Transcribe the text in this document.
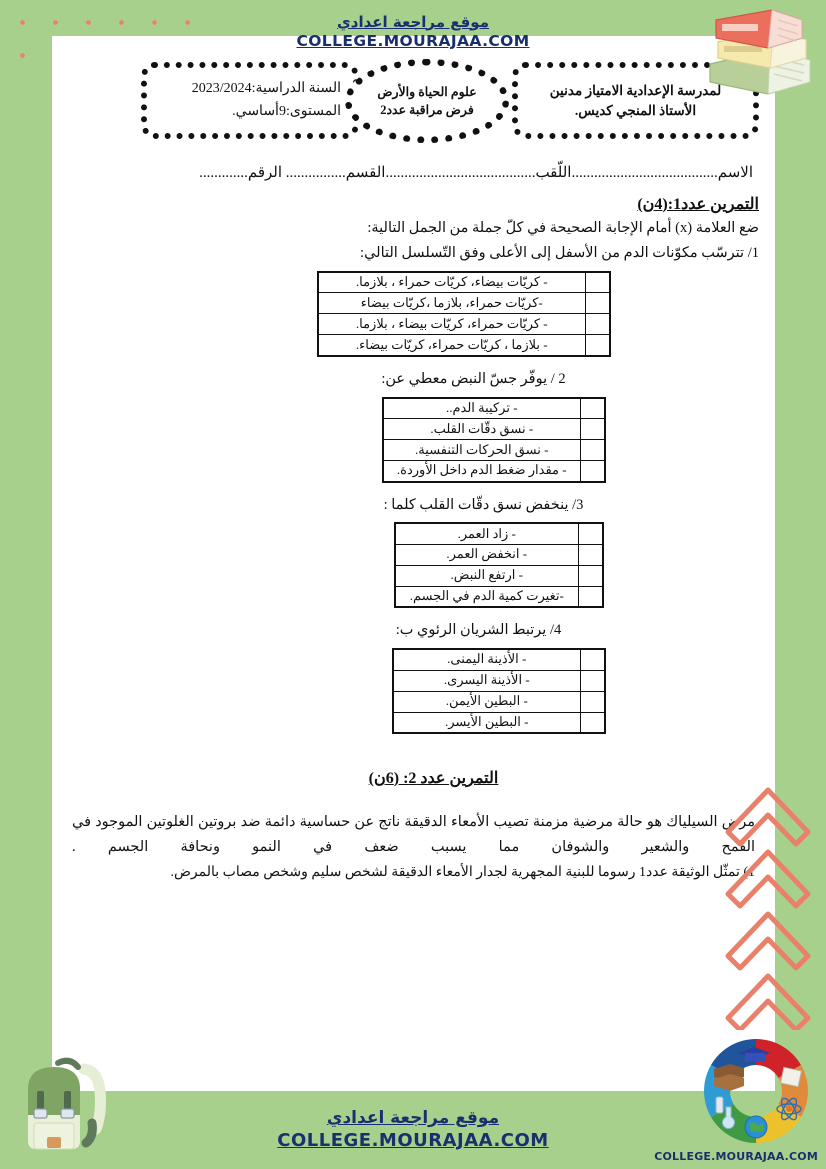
موقع مراجعة اعدادي
COLLEGE.MOURAJAA.COM
لمدرسة الإعدادية الامتياز مدنين
الأستاذ المنجي كديس.
علوم الحياة والأرض
فرض مراقبة عدد2
السنة الدراسية:2023/2024
المستوى:9أساسي.
الاسم.......................................اللّقب........................................القسم................ الرقم.............
التمرين عدد1:(4ن)
ضع العلامة (x) أمام الإجابة الصحيحة في كلّ جملة من الجمل التالية:
1/ تترسّب مكوّنات الدم من الأسفل إلى الأعلى وفق التّسلسل التالي:
	- كريّات بيضاء، كريّات حمراء ، بلازما.
	-كريّات حمراء، بلازما ،كريّات بيضاء
	- كريّات حمراء، كريّات بيضاء ، بلازما.
	- بلازما ، كريّات حمراء، كريّات بيضاء.
2 / يوفّر جسّ النبض معطي عن:
	- تركيبة الدم..
	- نسق دقّات القلب.
	- نسق الحركات التنفسية.
	- مقدار ضغط الدم داخل الأوردة.
3/ ينخفض نسق دقّات القلب كلما :
	- زاد العمر.
	- انخفض العمر.
	- ارتفع النبض.
	-تغيرت كمية الدم في الجسم.
4/ يرتبط الشريان الرئوي ب:
	- الأذينة اليمنى.
	- الأذينة اليسرى.
	- البطين الأيمن.
	- البطين الأيسر.
التمرين عدد 2: (6ن)
مرض السيلياك هو حالة مرضية مزمنة تصيب الأمعاء الدقيقة ناتج عن حساسية دائمة ضد بروتين الغلوتين الموجود في القمح والشعير والشوفان مما يسبب ضعف في النمو ونحافة الجسم .
1) تمثّل الوثيقة عدد1 رسوما للبنية المجهرية لجدار الأمعاء الدقيقة لشخص سليم وشخص مصاب بالمرض.
موقع مراجعة اعدادي
COLLEGE.MOURAJAA.COM
COLLEGE.MOURAJAA.COM
